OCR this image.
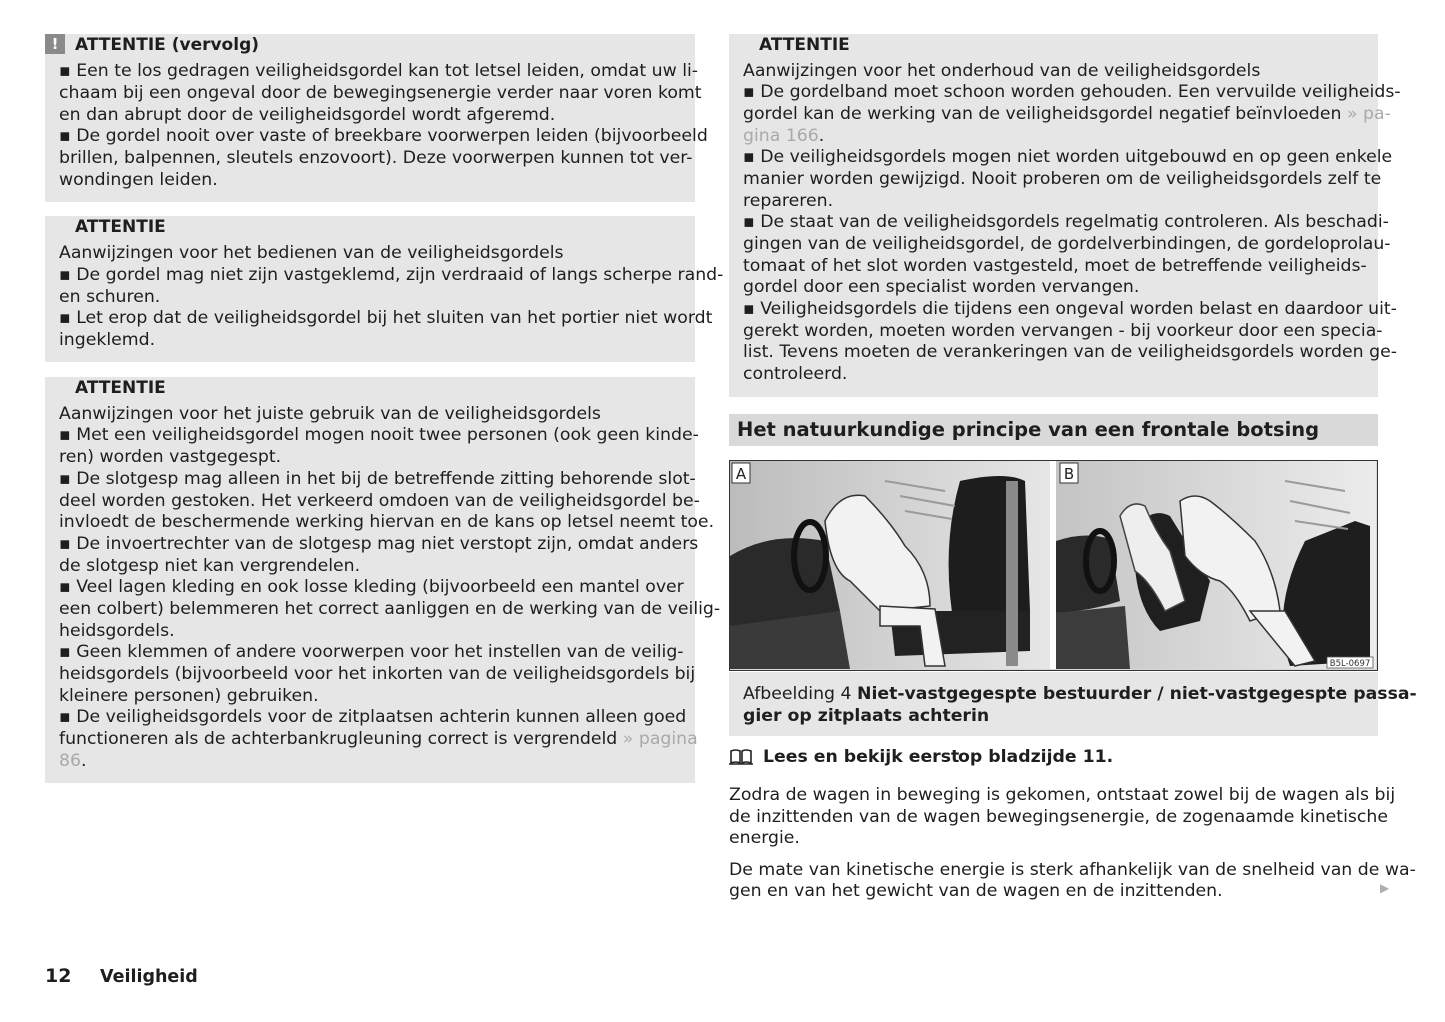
! ATTENTIE (vervolg)
▪ Een te los gedragen veiligheidsgordel kan tot letsel leiden, omdat uw li-
chaam bij een ongeval door de bewegingsenergie verder naar voren komt
en dan abrupt door de veiligheidsgordel wordt afgeremd.
▪ De gordel nooit over vaste of breekbare voorwerpen leiden (bijvoorbeeld
brillen, balpennen, sleutels enzovoort). Deze voorwerpen kunnen tot ver-
wondingen leiden.
ATTENTIE
Aanwijzingen voor het bedienen van de veiligheidsgordels
▪ De gordel mag niet zijn vastgeklemd, zijn verdraaid of langs scherpe rand-
en schuren.
▪ Let erop dat de veiligheidsgordel bij het sluiten van het portier niet wordt
ingeklemd.
ATTENTIE
Aanwijzingen voor het juiste gebruik van de veiligheidsgordels
▪ Met een veiligheidsgordel mogen nooit twee personen (ook geen kinde-
ren) worden vastgegespt.
▪ De slotgesp mag alleen in het bij de betreffende zitting behorende slot-
deel worden gestoken. Het verkeerd omdoen van de veiligheidsgordel be-
invloedt de beschermende werking hiervan en de kans op letsel neemt toe.
▪ De invoertrechter van de slotgesp mag niet verstopt zijn, omdat anders
de slotgesp niet kan vergrendelen.
▪ Veel lagen kleding en ook losse kleding (bijvoorbeeld een mantel over
een colbert) belemmeren het correct aanliggen en de werking van de veilig-
heidsgordels.
▪ Geen klemmen of andere voorwerpen voor het instellen van de veilig-
heidsgordels (bijvoorbeeld voor het inkorten van de veiligheidsgordels bij
kleinere personen) gebruiken.
▪ De veiligheidsgordels voor de zitplaatsen achterin kunnen alleen goed
functioneren als de achterbankrugleuning correct is vergrendeld » pagina
86.
ATTENTIE
Aanwijzingen voor het onderhoud van de veiligheidsgordels
▪ De gordelband moet schoon worden gehouden. Een vervuilde veiligheids-
gordel kan de werking van de veiligheidsgordel negatief beïnvloeden » pa-
gina 166.
▪ De veiligheidsgordels mogen niet worden uitgebouwd en op geen enkele
manier worden gewijzigd. Nooit proberen om de veiligheidsgordels zelf te
repareren.
▪ De staat van de veiligheidsgordels regelmatig controleren. Als beschadi-
gingen van de veiligheidsgordel, de gordelverbindingen, de gordeloprolau-
tomaat of het slot worden vastgesteld, moet de betreffende veiligheids-
gordel door een specialist worden vervangen.
▪ Veiligheidsgordels die tijdens een ongeval worden belast en daardoor uit-
gerekt worden, moeten worden vervangen - bij voorkeur door een specia-
list. Tevens moeten de verankeringen van de veiligheidsgordels worden ge-
controleerd.
Het natuurkundige principe van een frontale botsing
A	B
B5L-0697
Afbeelding 4 Niet-vastgegespte bestuurder / niet-vastgegespte passa-
gier op zitplaats achterin
Lees en bekijk eerst
op bladzijde 11.
Zodra de wagen in beweging is gekomen, ontstaat zowel bij de wagen als bij
de inzittenden van de wagen bewegingsenergie, de zogenaamde kinetische
energie.
De mate van kinetische energie is sterk afhankelijk van de snelheid van de wa-
gen en van het gewicht van de wagen en de inzittenden.	▶
12 Veiligheid
